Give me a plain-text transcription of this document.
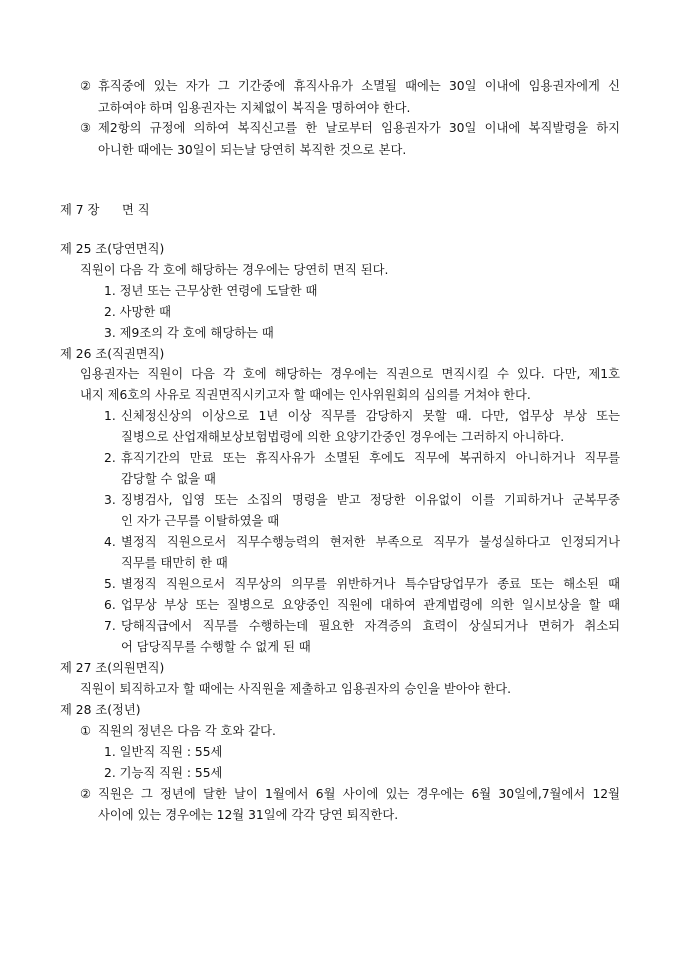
② 휴직중에 있는 자가 그 기간중에 휴직사유가 소멸될 때에는 30일 이내에 임용권자에게 신
고하여야 하며 임용권자는 지체없이 복직을 명하여야 한다.
③ 제2항의 규정에 의하여 복직신고를 한 날로부터 임용권자가 30일 이내에 복직발령을 하지
아니한 때에는 30일이 되는날 당연히 복직한 것으로 본다.
제 7 장 면 직
제 25 조(당연면직)
직원이 다음 각 호에 해당하는 경우에는 당연히 면직 된다.
1. 정년 또는 근무상한 연령에 도달한 때
2. 사망한 때
3. 제9조의 각 호에 해당하는 때
제 26 조(직권면직)
임용권자는 직원이 다음 각 호에 해당하는 경우에는 직권으로 면직시킬 수 있다. 다만, 제1호
내지 제6호의 사유로 직권면직시키고자 할 때에는 인사위원회의 심의를 거쳐야 한다.
1. 신체정신상의 이상으로 1년 이상 직무를 감당하지 못할 때. 다만, 업무상 부상 또는
질병으로 산업재해보상보험법령에 의한 요양기간중인 경우에는 그러하지 아니하다.
2. 휴직기간의 만료 또는 휴직사유가 소멸된 후에도 직무에 복귀하지 아니하거나 직무를
감당할 수 없을 때
3. 징병검사, 입영 또는 소집의 명령을 받고 정당한 이유없이 이를 기피하거나 군복무중
인 자가 근무를 이탈하였을 때
4. 별정직 직원으로서 직무수행능력의 현저한 부족으로 직무가 불성실하다고 인정되거나
직무를 태만히 한 때
5. 별정직 직원으로서 직무상의 의무를 위반하거나 특수담당업무가 종료 또는 해소된 때
6. 업무상 부상 또는 질병으로 요양중인 직원에 대하여 관계법령에 의한 일시보상을 할 때
7. 당해직급에서 직무를 수행하는데 필요한 자격증의 효력이 상실되거나 면허가 취소되
어 담당직무를 수행할 수 없게 된 때
제 27 조(의원면직)
직원이 퇴직하고자 할 때에는 사직원을 제출하고 임용권자의 승인을 받아야 한다.
제 28 조(정년)
① 직원의 정년은 다음 각 호와 같다.
1. 일반직 직원 : 55세
2. 기능직 직원 : 55세
② 직원은 그 정년에 달한 날이 1월에서 6월 사이에 있는 경우에는 6월 30일에,7월에서 12월
사이에 있는 경우에는 12월 31일에 각각 당연 퇴직한다.
